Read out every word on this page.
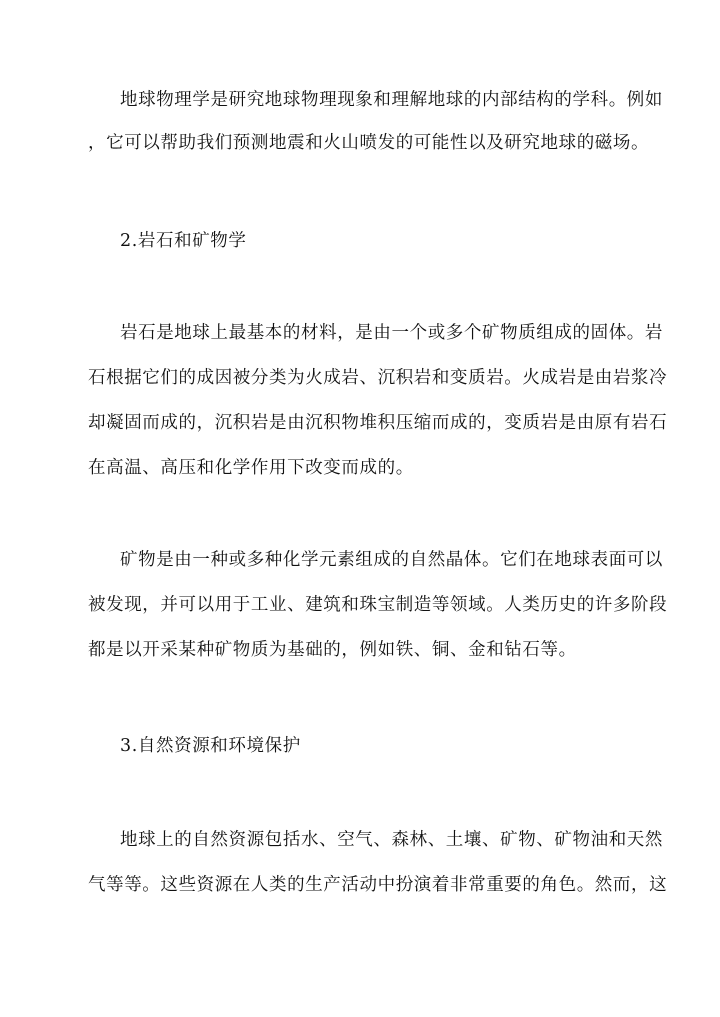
地球物理学是研究地球物理现象和理解地球的内部结构的学科。例如
，它可以帮助我们预测地震和火山喷发的可能性以及研究地球的磁场。
2.岩石和矿物学
岩石是地球上最基本的材料，是由一个或多个矿物质组成的固体。岩
石根据它们的成因被分类为火成岩、沉积岩和变质岩。火成岩是由岩浆冷
却凝固而成的，沉积岩是由沉积物堆积压缩而成的，变质岩是由原有岩石
在高温、高压和化学作用下改变而成的。
矿物是由一种或多种化学元素组成的自然晶体。它们在地球表面可以
被发现，并可以用于工业、建筑和珠宝制造等领域。人类历史的许多阶段
都是以开采某种矿物质为基础的，例如铁、铜、金和钻石等。
3.自然资源和环境保护
地球上的自然资源包括水、空气、森林、土壤、矿物、矿物油和天然
气等等。这些资源在人类的生产活动中扮演着非常重要的角色。然而，这
